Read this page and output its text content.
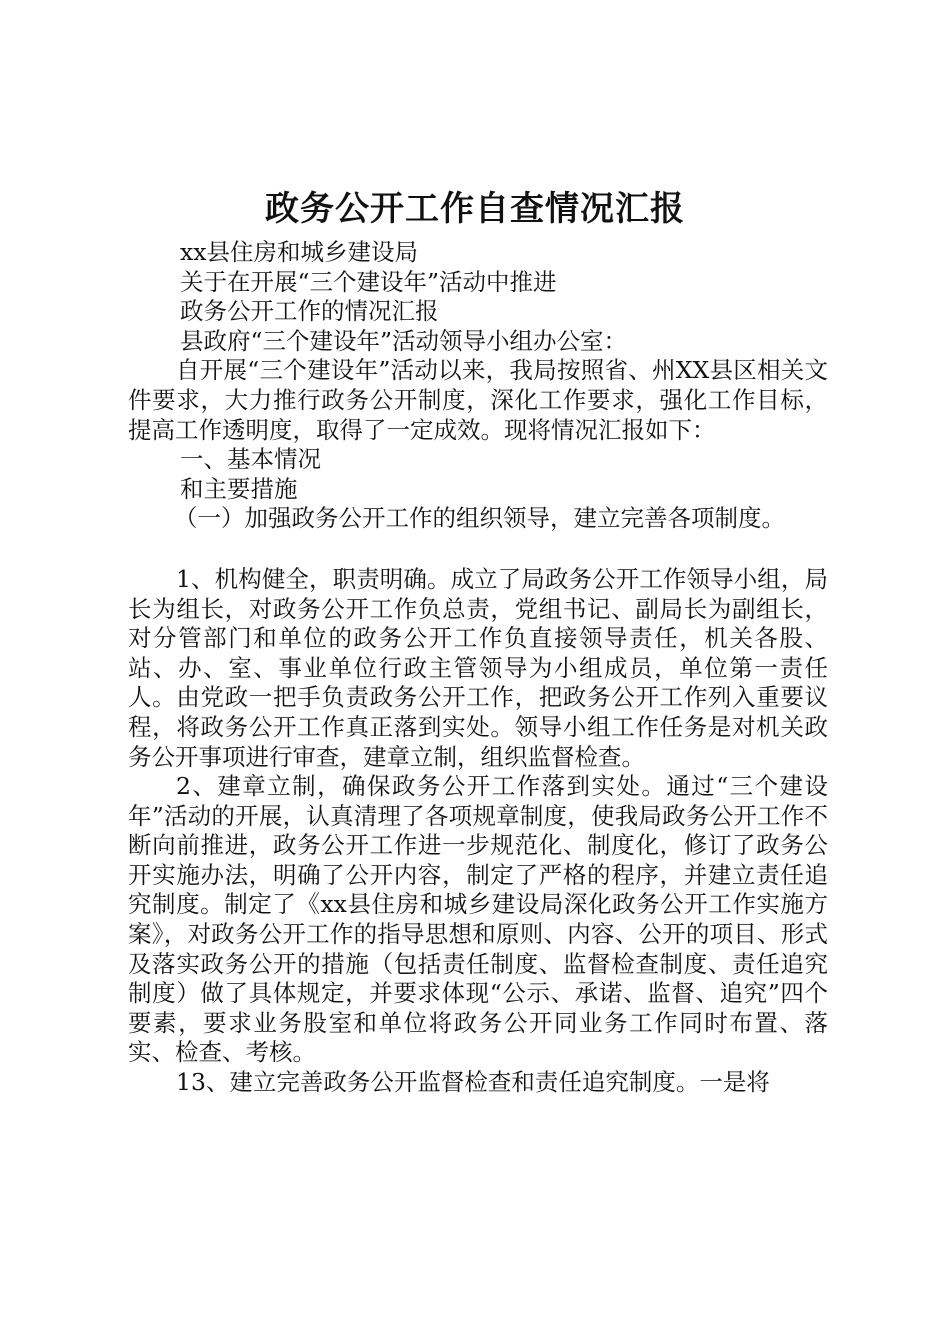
政务公开工作自查情况汇报

xx县住房和城乡建设局

关于在开展“三个建设年”活动中推进

政务公开工作的情况汇报

县政府“三个建设年”活动领导小组办公室：

自开展“三个建设年”活动以来，我局按照省、州XX县区相关文件要求，大力推行政务公开制度，深化工作要求，强化工作目标，提高工作透明度，取得了一定成效。现将情况汇报如下：

一、基本情况

和主要措施

（一）加强政务公开工作的组织领导，建立完善各项制度。

1、机构健全，职责明确。成立了局政务公开工作领导小组，局长为组长，对政务公开工作负总责，党组书记、副局长为副组长，对分管部门和单位的政务公开工作负直接领导责任，机关各股、站、办、室、事业单位行政主管领导为小组成员，单位第一责任人。由党政一把手负责政务公开工作，把政务公开工作列入重要议程，将政务公开工作真正落到实处。领导小组工作任务是对机关政务公开事项进行审查，建章立制，组织监督检查。

2、建章立制，确保政务公开工作落到实处。通过“三个建设年”活动的开展，认真清理了各项规章制度，使我局政务公开工作不断向前推进，政务公开工作进一步规范化、制度化，修订了政务公开实施办法，明确了公开内容，制定了严格的程序，并建立责任追究制度。制定了《xx县住房和城乡建设局深化政务公开工作实施方案》，对政务公开工作的指导思想和原则、内容、公开的项目、形式及落实政务公开的措施（包括责任制度、监督检查制度、责任追究制度）做了具体规定，并要求体现“公示、承诺、监督、追究”四个要素，要求业务股室和单位将政务公开同业务工作同时布置、落实、检查、考核。

13、建立完善政务公开监督检查和责任追究制度。一是将
